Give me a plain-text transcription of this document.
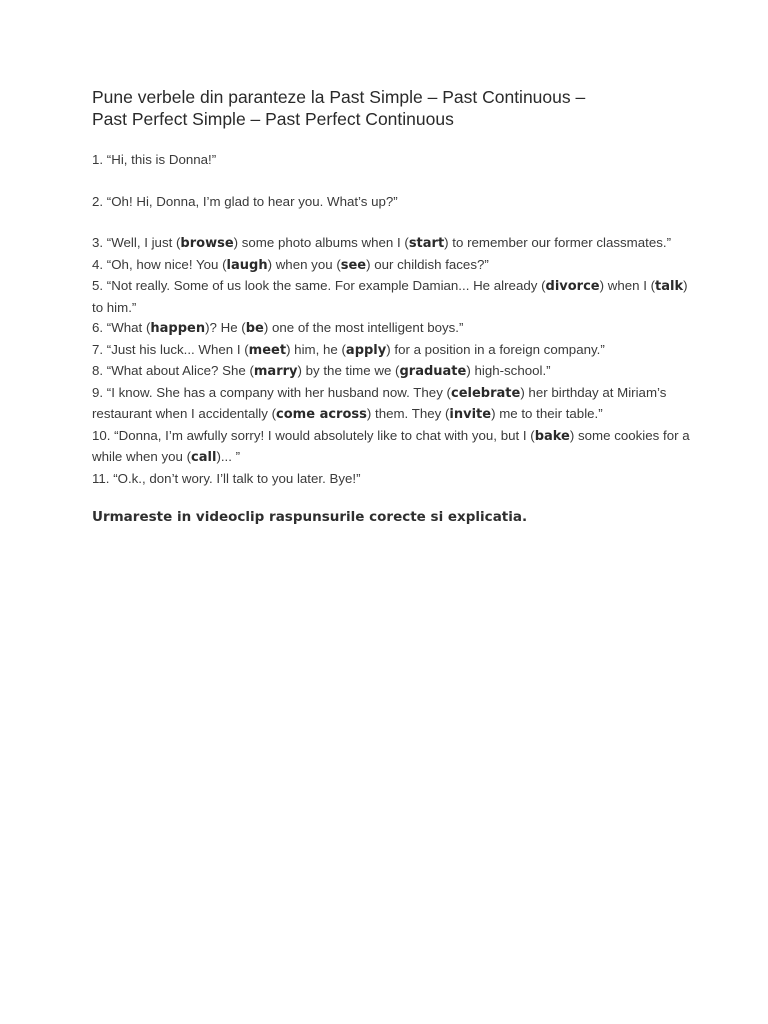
Pune verbele din paranteze la Past Simple – Past Continuous –
Past Perfect Simple – Past Perfect Continuous

1. “Hi, this is Donna!”

2. “Oh! Hi, Donna, I’m glad to hear you. What’s up?”

3. “Well, I just (browse) some photo albums when I (start) to remember our former classmates.”

4. “Oh, how nice! You (laugh) when you (see) our childish faces?”

5. “Not really. Some of us look the same. For example Damian... He already (divorce) when I (talk) to him.”

6. “What (happen)? He (be) one of the most intelligent boys.”

7. “Just his luck... When I (meet) him, he (apply) for a position in a foreign company.”

8. “What about Alice? She (marry) by the time we (graduate) high-school.”

9. “I know. She has a company with her husband now. They (celebrate) her birthday at Miriam’s restaurant when I accidentally (come across) them. They (invite) me to their table.”

10. “Donna, I’m awfully sorry! I would absolutely like to chat with you, but I (bake) some cookies for a while when you (call)... ”

11. “O.k., don’t wory. I’ll talk to you later. Bye!”

Urmareste in videoclip raspunsurile corecte si explicatia.
